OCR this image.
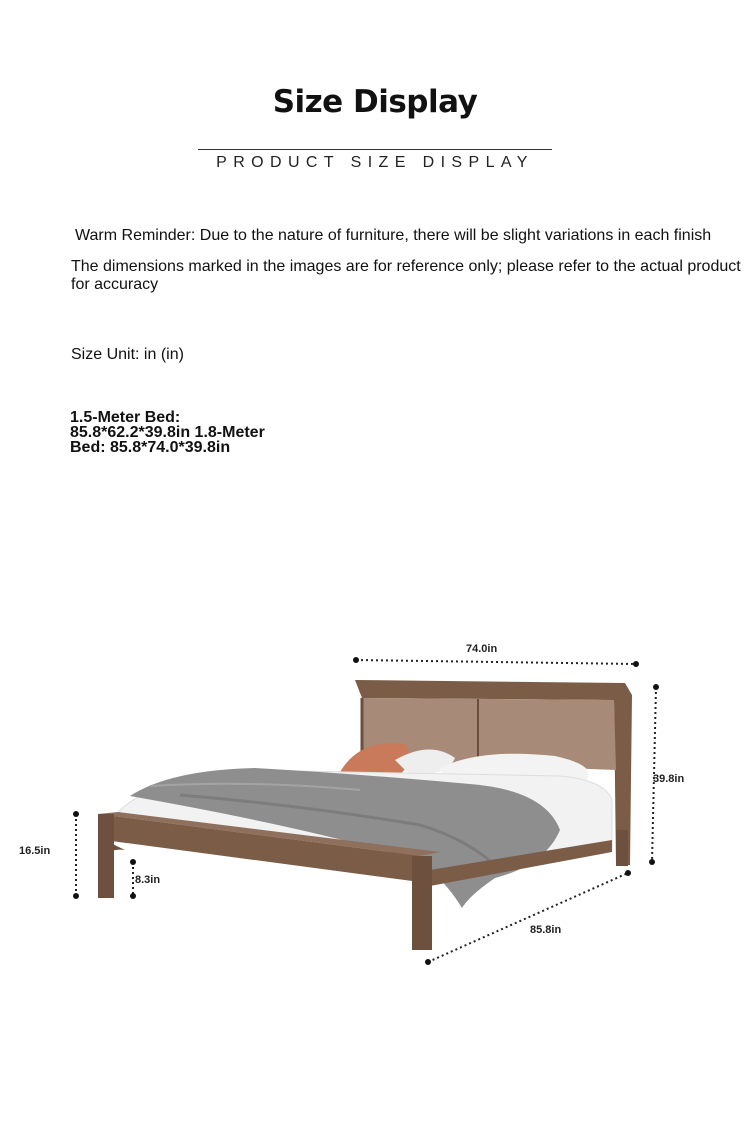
Size Display
PRODUCT SIZE DISPLAY
Warm Reminder: Due to the nature of furniture, there will be slight variations in each finish
The dimensions marked in the images are for reference only; please refer to the actual product for accuracy
Size Unit: in (in)
1.5-Meter Bed:
85.8*62.2*39.8in 1.8-Meter
Bed: 85.8*74.0*39.8in
74.0in
39.8in
85.8in
16.5in
8.3in
